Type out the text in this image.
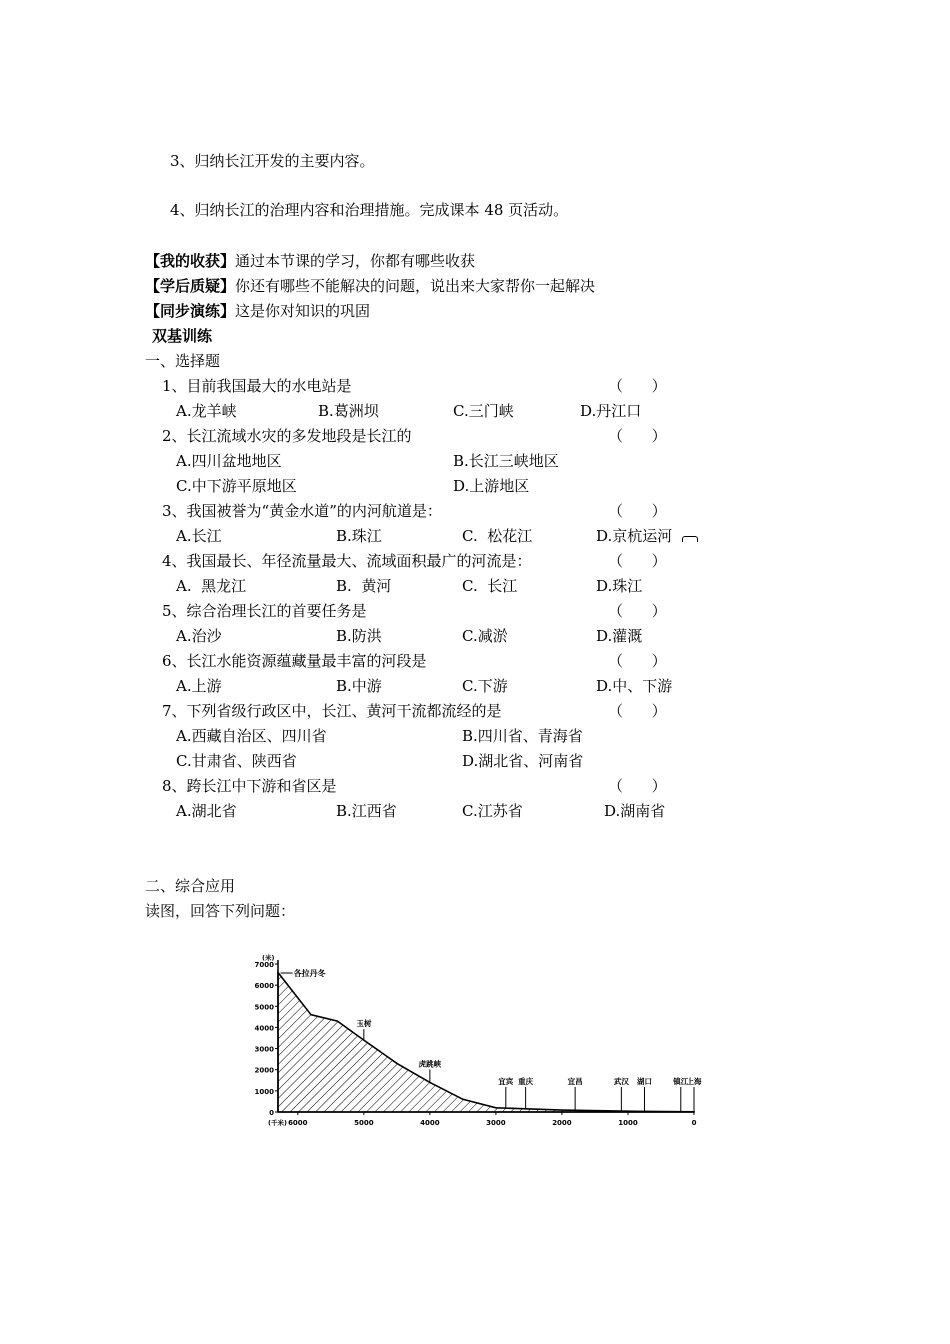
3、归纳长江开发的主要内容。
4、归纳长江的治理内容和治理措施。完成课本 48 页活动。
【我的收获】通过本节课的学习，你都有哪些收获
【学后质疑】你还有哪些不能解决的问题，说出来大家帮你一起解决
【同步演练】这是你对知识的巩固
双基训练
一、选择题
1、目前我国最大的水电站是	（      ）
A.龙羊峡	B.葛洲坝	C.三门峡	D.丹江口
2、长江流域水灾的多发地段是长江的	（      ）
A.四川盆地地区	B.长江三峡地区
C.中下游平原地区	D.上游地区
3、我国被誉为“黄金水道”的内河航道是：	（      ）
A.长江	B.珠江	C.  松花江	D.京杭运河
4、我国最长、年径流量最大、流域面积最广的河流是：	（      ）
A.  黑龙江	B.  黄河	C.  长江	D.珠江
5、综合治理长江的首要任务是	（      ）
A.治沙	B.防洪	C.减淤	D.灌溉
6、长江水能资源蕴藏量最丰富的河段是	（      ）
A.上游	B.中游	C.下游	D.中、下游
7、下列省级行政区中，长江、黄河干流都流经的是	（      ）
A.西藏自治区、四川省	B.四川省、青海省
C.甘肃省、陕西省	D.湖北省、河南省
8、跨长江中下游和省区是	（      ）
A.湖北省	B.江西省	C.江苏省	D.湖南省
二、综合应用
读图，回答下列问题：
7000
6000
5000
4000
3000
2000
1000
0
(米)
6000	5000	4000	3000	2000	1000	0
(千米)
各拉丹冬
玉树
虎跳峡
宜宾 重庆	宜昌	武汉 湖口	镇江
上海
